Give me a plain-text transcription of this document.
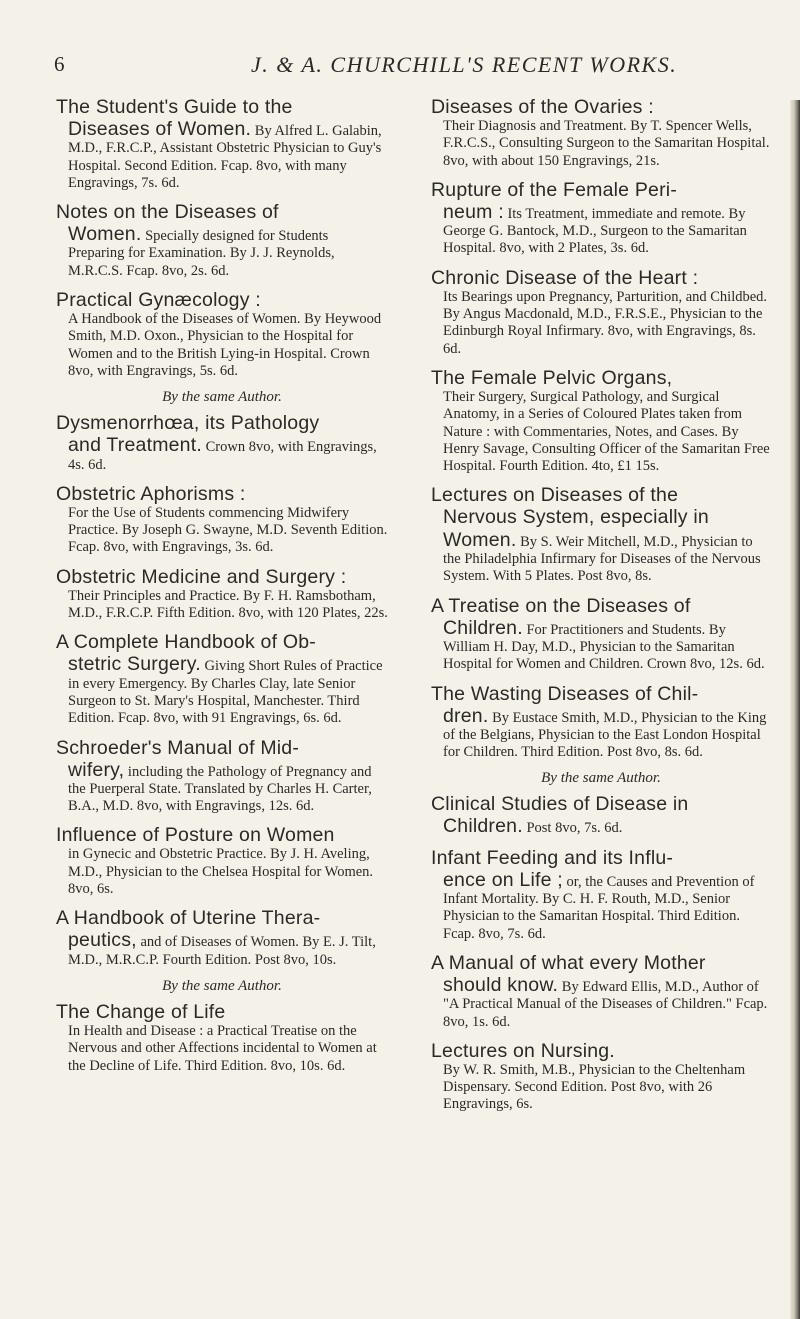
6	J. & A. CHURCHILL'S RECENT WORKS.
The Student's Guide to the
Diseases of Women. By Alfred L. Galabin, M.D., F.R.C.P., Assistant Obstetric Physician to Guy's Hospital. Second Edition. Fcap. 8vo, with many Engravings, 7s. 6d.
Notes on the Diseases of
Women. Specially designed for Students Preparing for Examination. By J. J. Reynolds, M.R.C.S. Fcap. 8vo, 2s. 6d.
Practical Gynæcology :
A Handbook of the Diseases of Women. By Heywood Smith, M.D. Oxon., Physician to the Hospital for Women and to the British Lying-in Hospital. Crown 8vo, with Engravings, 5s. 6d.
By the same Author.
Dysmenorrhœa, its Pathology
and Treatment. Crown 8vo, with Engravings, 4s. 6d.
Obstetric Aphorisms :
For the Use of Students commencing Midwifery Practice. By Joseph G. Swayne, M.D. Seventh Edition. Fcap. 8vo, with Engravings, 3s. 6d.
Obstetric Medicine and Surgery :
Their Principles and Practice. By F. H. Ramsbotham, M.D., F.R.C.P. Fifth Edition. 8vo, with 120 Plates, 22s.
A Complete Handbook of Ob-
stetric Surgery. Giving Short Rules of Practice in every Emergency. By Charles Clay, late Senior Surgeon to St. Mary's Hospital, Manchester. Third Edition. Fcap. 8vo, with 91 Engravings, 6s. 6d.
Schroeder's Manual of Mid-
wifery, including the Pathology of Pregnancy and the Puerperal State. Translated by Charles H. Carter, B.A., M.D. 8vo, with Engravings, 12s. 6d.
Influence of Posture on Women
in Gynecic and Obstetric Practice. By J. H. Aveling, M.D., Physician to the Chelsea Hospital for Women. 8vo, 6s.
A Handbook of Uterine Thera-
peutics, and of Diseases of Women. By E. J. Tilt, M.D., M.R.C.P. Fourth Edition. Post 8vo, 10s.
By the same Author.
The Change of Life
In Health and Disease : a Practical Treatise on the Nervous and other Affections incidental to Women at the Decline of Life. Third Edition. 8vo, 10s. 6d.
Diseases of the Ovaries :
Their Diagnosis and Treatment. By T. Spencer Wells, F.R.C.S., Consulting Surgeon to the Samaritan Hospital. 8vo, with about 150 Engravings, 21s.
Rupture of the Female Peri-
neum : Its Treatment, immediate and remote. By George G. Bantock, M.D., Surgeon to the Samaritan Hospital. 8vo, with 2 Plates, 3s. 6d.
Chronic Disease of the Heart :
Its Bearings upon Pregnancy, Parturition, and Childbed. By Angus Macdonald, M.D., F.R.S.E., Physician to the Edinburgh Royal Infirmary. 8vo, with Engravings, 8s. 6d.
The Female Pelvic Organs,
Their Surgery, Surgical Pathology, and Surgical Anatomy, in a Series of Coloured Plates taken from Nature : with Commentaries, Notes, and Cases. By Henry Savage, Consulting Officer of the Samaritan Free Hospital. Fourth Edition. 4to, £1 15s.
Lectures on Diseases of the
Nervous System, especially in Women. By S. Weir Mitchell, M.D., Physician to the Philadelphia Infirmary for Diseases of the Nervous System. With 5 Plates. Post 8vo, 8s.
A Treatise on the Diseases of
Children. For Practitioners and Students. By William H. Day, M.D., Physician to the Samaritan Hospital for Women and Children. Crown 8vo, 12s. 6d.
The Wasting Diseases of Chil-
dren. By Eustace Smith, M.D., Physician to the King of the Belgians, Physician to the East London Hospital for Children. Third Edition. Post 8vo, 8s. 6d.
By the same Author.
Clinical Studies of Disease in
Children. Post 8vo, 7s. 6d.
Infant Feeding and its Influ-
ence on Life ; or, the Causes and Prevention of Infant Mortality. By C. H. F. Routh, M.D., Senior Physician to the Samaritan Hospital. Third Edition. Fcap. 8vo, 7s. 6d.
A Manual of what every Mother
should know. By Edward Ellis, M.D., Author of "A Practical Manual of the Diseases of Children." Fcap. 8vo, 1s. 6d.
Lectures on Nursing.
By W. R. Smith, M.B., Physician to the Cheltenham Dispensary. Second Edition. Post 8vo, with 26 Engravings, 6s.
